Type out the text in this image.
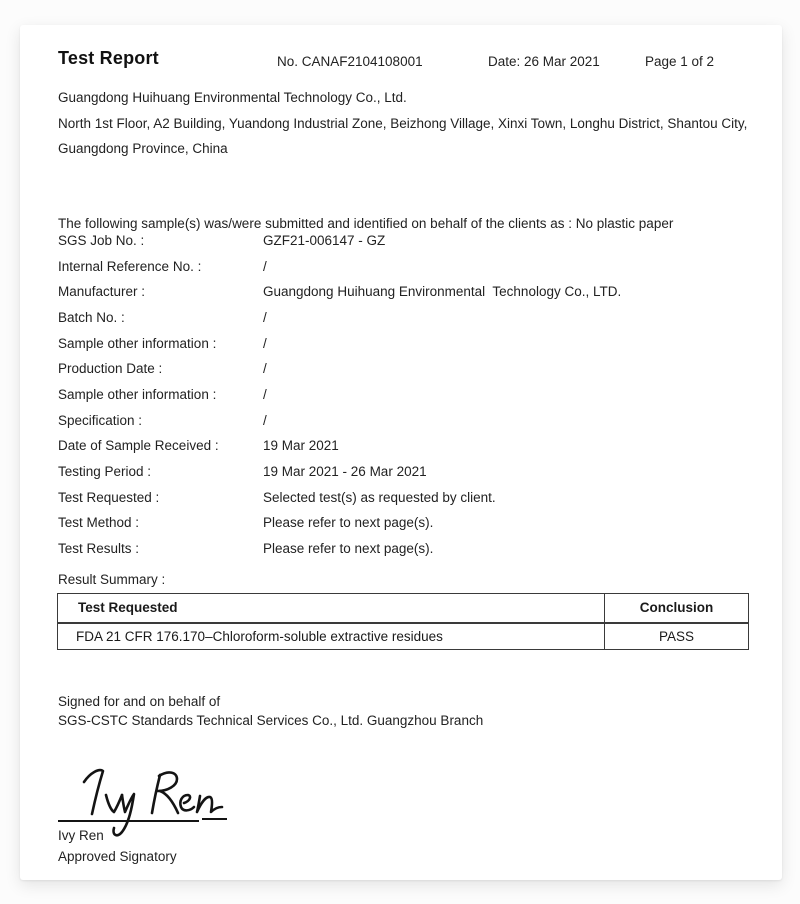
Test Report	No. CANAF2104108001	Date: 26 Mar 2021	Page 1 of 2
Guangdong Huihuang Environmental Technology Co., Ltd.
North 1st Floor, A2 Building, Yuandong Industrial Zone, Beizhong Village, Xinxi Town, Longhu District, Shantou City, Guangdong Province, China
The following sample(s) was/were submitted and identified on behalf of the clients as : No plastic paper
SGS Job No. :	GZF21-006147 - GZ
Internal Reference No. :	/
Manufacturer :	Guangdong Huihuang Environmental  Technology Co., LTD.
Batch No. :	/
Sample other information :	/
Production Date :	/
Sample other information :	/
Specification :	/
Date of Sample Received :	19 Mar 2021
Testing Period :	19 Mar 2021 - 26 Mar 2021
Test Requested :	Selected test(s) as requested by client.
Test Method :	Please refer to next page(s).
Test Results :	Please refer to next page(s).
Result Summary :
Test Requested	Conclusion
FDA 21 CFR 176.170–Chloroform-soluble extractive residues	PASS
Signed for and on behalf of
SGS-CSTC Standards Technical Services Co., Ltd. Guangzhou Branch
Ivy Ren
Approved Signatory
